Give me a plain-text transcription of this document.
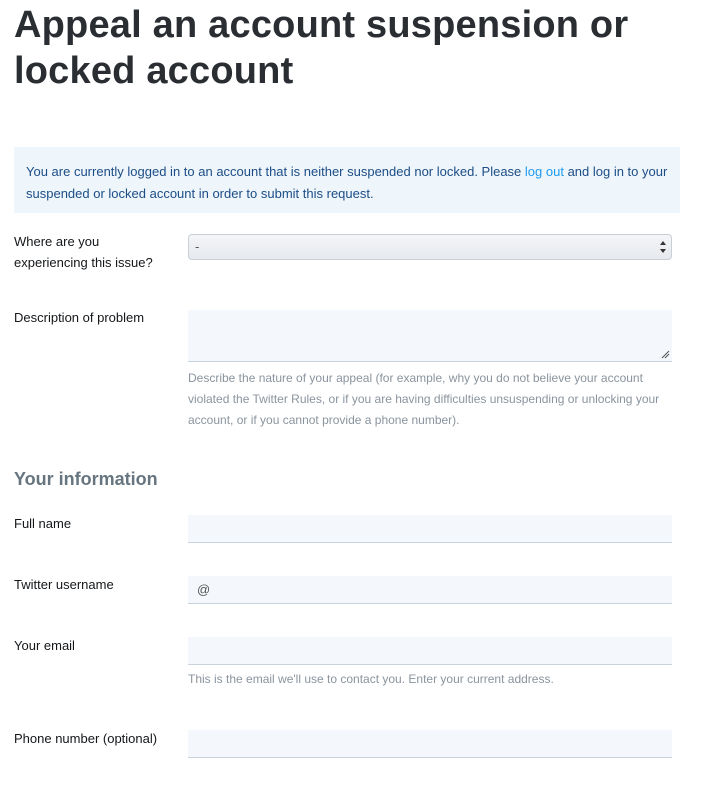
Appeal an account suspension or locked account
You are currently logged in to an account that is neither suspended nor locked. Please log out and log in to your suspended or locked account in order to submit this request.
Where are you experiencing this issue?
-
Description of problem
Describe the nature of your appeal (for example, why you do not believe your account violated the Twitter Rules, or if you are having difficulties unsuspending or unlocking your account, or if you cannot provide a phone number).
Your information
Full name
Twitter username	@
Your email
This is the email we'll use to contact you. Enter your current address.
Phone number (optional)
